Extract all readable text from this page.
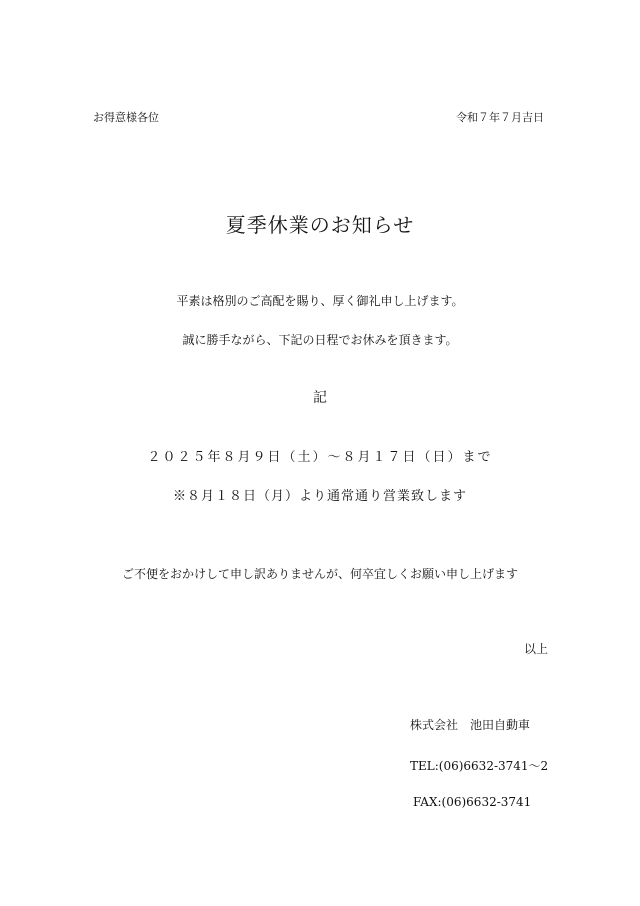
お得意様各位	令和７年７月吉日
夏季休業のお知らせ
平素は格別のご高配を賜り、厚く御礼申し上げます。
誠に勝手ながら、下記の日程でお休みを頂きます。
記
２０２５年８月９日（土）～８月１７日（日）まで
※８月１８日（月）より通常通り営業致します
ご不便をおかけして申し訳ありませんが、何卒宜しくお願い申し上げます
以上
株式会社　池田自動車
TEL:(06)6632-3741～2
FAX:(06)6632-3741
